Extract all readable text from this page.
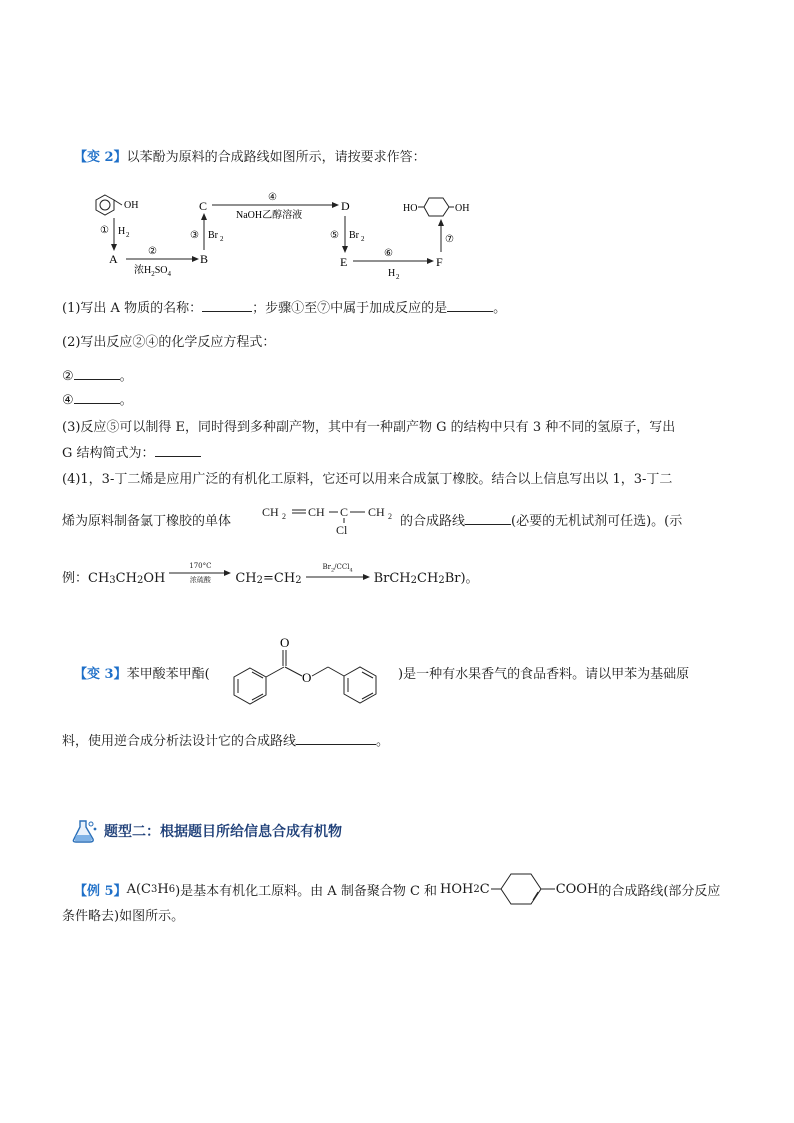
【变 2】以苯酚为原料的合成路线如图所示，请按要求作答：
OH
① H 2
A
②
浓$H_2SO_4$
B
③ Br 2
C
④
NaOH乙醇溶液
D
⑤ Br 2
E
⑥
H 2
F
⑦
HO	OH
(1)写出 A 物质的名称：	；步骤①至⑦中属于加成反应的是	。
(2)写出反应②④的化学反应方程式：
②	。
④	。
(3)反应⑤可以制得 E，同时得到多种副产物，其中有一种副产物 G 的结构中只有 3 种不同的氢原子，写出
G 结构简式为：
(4)1，3-丁二烯是应用广泛的有机化工原料，它还可以用来合成氯丁橡胶。结合以上信息写出以 1，3-丁二
烯为原料制备氯丁橡胶的单体
CH 2 CH C CH 2
Cl
的合成路线	(必要的无机试剂可任选)。(示
例：$CH_3$ CH 2 OH
170°C
浓硫酸 CH 2 =CH 2
$Br_2/CCl_4$
BrCH 2 CH 2 Br)。
【变 3】苯甲酸苯甲酯(
O
O	)是一种有水果香气的食品香料。请以甲苯为基础原
料，使用逆合成分析法设计它的合成路线	。
题型二：根据题目所给信息合成有机物
【例 5】 A(C 3 H 6 )是基本有机化工原料。由 A 制备聚合物 C 和 HOH 2 C	COOH 的合成路线(部分反应
条件略去)如图所示。
